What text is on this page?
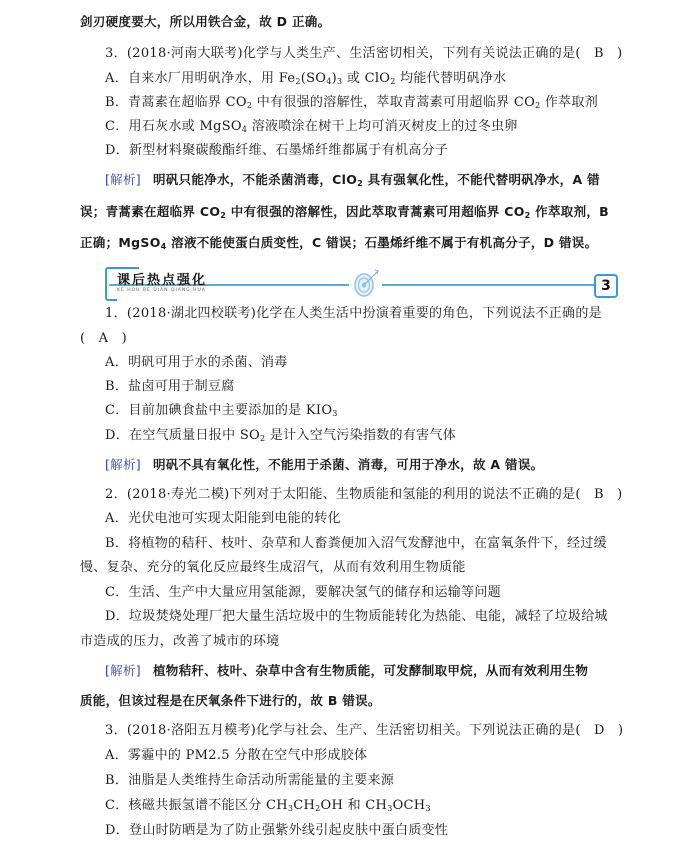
剑刃硬度要大，所以用铁合金，故 D 正确。
3．(2018·河南大联考)化学与人类生产、生活密切相关，下列有关说法正确的是(　B　)
A．自来水厂用明矾净水，用 $Fe_2(SO_4)_3$ 或 ClO$_2$ 均能代替明矾净水
B．青蒿素在超临界 $CO_2$ 中有很强的溶解性，萃取青蒿素可用超临界 $CO_2$ 作萃取剂
C．用石灰水或 MgSO$_4$ 溶液喷涂在树干上均可消灭树皮上的过冬虫卵
D．新型材料聚碳酸酯纤维、石墨烯纤维都属于有机高分子
[解析] 明矾只能净水，不能杀菌消毒，ClO$_2$ 具有强氧化性，不能代替明矾净水，A 错
误；青蒿素在超临界 $CO_2$ 中有很强的溶解性，因此萃取青蒿素可用超临界 $CO_2$ 作萃取剂，B
正确；MgSO$_4$ 溶液不能使蛋白质变性，C 错误；石墨烯纤维不属于有机高分子，D 错误。
课后热点强化
KE HOU RE DIAN QIANG HUA	3
1．(2018·湖北四校联考)化学在人类生活中扮演着重要的角色，下列说法不正确的是
(　A　)
A．明矾可用于水的杀菌、消毒
B．盐卤可用于制豆腐
C．目前加碘食盐中主要添加的是 $KIO_3$
D．在空气质量日报中 $SO_2$ 是计入空气污染指数的有害气体
[解析] 明矾不具有氧化性，不能用于杀菌、消毒，可用于净水，故 A 错误。
2．(2018·寿光二模)下列对于太阳能、生物质能和氢能的利用的说法不正确的是(　B　)
A．光伏电池可实现太阳能到电能的转化
B．将植物的秸秆、枝叶、杂草和人畜粪便加入沼气发酵池中，在富氧条件下，经过缓
慢、复杂、充分的氧化反应最终生成沼气，从而有效利用生物质能
C．生活、生产中大量应用氢能源，要解决氢气的储存和运输等问题
D．垃圾焚烧处理厂把大量生活垃圾中的生物质能转化为热能、电能，减轻了垃圾给城
市造成的压力，改善了城市的环境
[解析] 植物秸秆、枝叶、杂草中含有生物质能，可发酵制取甲烷，从而有效利用生物
质能，但该过程是在厌氧条件下进行的，故 B 错误。
3．(2018·洛阳五月模考)化学与社会、生产、生活密切相关。下列说法正确的是(　D　)
A．雾霾中的 PM2.5 分散在空气中形成胶体
B．油脂是人类维持生命活动所需能量的主要来源
C．核磁共振氢谱不能区分 $CH_3CH_2OH$ 和 $CH_3OCH_3$
D．登山时防晒是为了防止强紫外线引起皮肤中蛋白质变性
